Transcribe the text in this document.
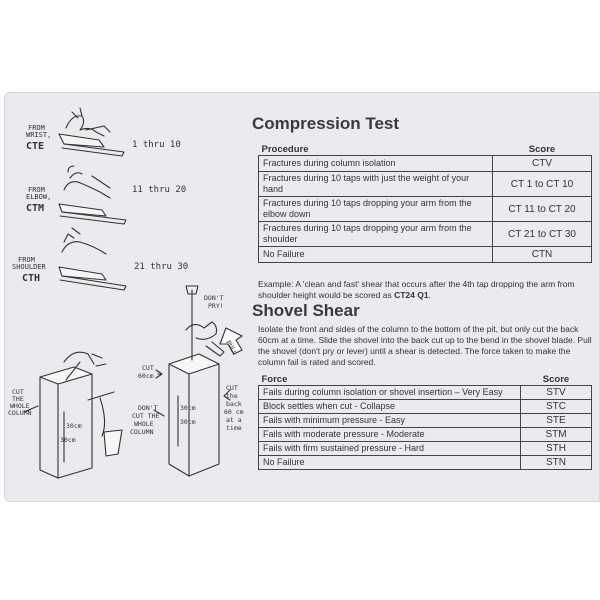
FROM
WRIST,
FROM
ELBOW,
FROM
SHOULDER
CTE
CTM
CTH
1 thru 10
11 thru 20
21 thru 30
DON'T
PRY!
PULL
CUT
60cm
DON'T
CUT THE
WHOLE
COLUMN
CUT
the
back
60 cm
at a
time
CUT
THE
WHOLE
COLUMN
30cm
30cm
30cm
30cm
Compression Test
Procedure	Score
Fractures during column isolation	CTV
Fractures during 10 taps with just the weight of your hand	CT 1 to CT 10
Fractures during 10 taps dropping your arm from the elbow down	CT 11 to CT 20
Fractures during 10 taps dropping your arm from the shoulder	CT 21 to CT 30
No Failure	CTN
Example: A 'clean and fast' shear that occurs after the 4th tap dropping the arm from shoulder height would be scored as CT24 Q1.
Shovel Shear
Isolate the front and sides of the column to the bottom of the pit, but only cut the back 60cm at a time. Slide the shovel into the back cut up to the bend in the shovel blade. Pull the shovel (don't pry or lever) until a shear is detected. The force taken to make the column fail is rated and scored.
Force	Score
Fails during column isolation or shovel insertion – Very Easy	STV
Block settles when cut - Collapse	STC
Fails with minimum pressure - Easy	STE
Fails with moderate pressure - Moderate	STM
Fails with firm sustained pressure - Hard	STH
No Failure	STN
